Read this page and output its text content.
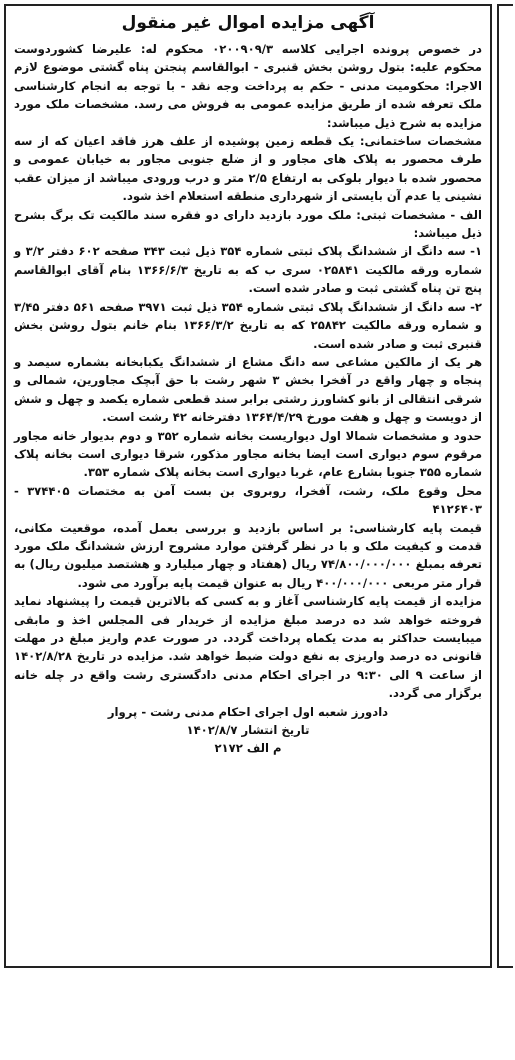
آگهی مزایده اموال غیر منقول

در خصوص پرونده اجرایی کلاسه ۰۲۰۰۹۰۹/۳ محکوم له: علیرضا کشوردوست محکوم علیه: بتول روشن بخش قنبری - ابوالقاسم پنجتن پناه گشتی موضوع لازم الاجرا: محکومیت مدنی - حکم به پرداخت وجه نقد - با توجه به انجام کارشناسی ملک تعرفه شده از طریق مزایده عمومی به فروش می رسد. مشخصات ملک مورد مزایده به شرح ذیل میباشد:

مشخصات ساختمانی: یک قطعه زمین پوشیده از علف هرز فاقد اعیان که از سه طرف محصور به پلاک های مجاور و از ضلع جنوبی مجاور به خیابان عمومی و محصور شده با دیوار بلوکی به ارتفاع ۲/۵ متر و درب ورودی میباشد از میزان عقب نشینی یا عدم آن بایستی از شهرداری منطقه استعلام اخذ شود.

الف - مشخصات ثبتی: ملک مورد بازدید دارای دو فقره سند مالکیت تک برگ بشرح ذیل میباشد:

۱- سه دانگ از ششدانگ پلاک ثبتی شماره ۳۵۴ ذیل ثبت ۳۴۳ صفحه ۶۰۲ دفتر ۳/۲ و شماره ورقه مالکیت ۰۲۵۸۴۱ سری ب که به تاریخ ۱۳۶۶/۶/۳ بنام آقای ابوالقاسم پنج تن پناه گشتی ثبت و صادر شده است.

۲- سه دانگ از ششدانگ پلاک ثبتی شماره ۳۵۴ ذیل ثبت ۳۹۷۱ صفحه ۵۶۱ دفتر ۳/۴۵ و شماره ورقه مالکیت ۲۵۸۴۲ که به تاریخ ۱۳۶۶/۳/۲ بنام خانم بتول روشن بخش قنبری ثبت و صادر شده است.

هر یک از مالکین مشاعی سه دانگ مشاع از ششدانگ یکبابخانه بشماره سیصد و پنجاه و چهار واقع در آفخرا بخش ۳ شهر رشت با حق آبچک مجاورین، شمالی و شرقی انتقالی از بانو کشاورز رشتی برابر سند قطعی شماره یکصد و چهل و شش از دویست و چهل و هفت مورخ ۱۳۶۴/۴/۲۹ دفترخانه ۴۲ رشت است.

حدود و مشخصات شمالا اول دیواریست بخانه شماره ۳۵۲ و دوم بدیوار خانه مجاور مرقوم سوم دیواری است ایضا بخانه مجاور مذکور، شرقا دیواری است بخانه پلاک شماره ۳۵۵ جنوبا بشارع عام، غربا دیواری است بخانه پلاک شماره ۳۵۳.

محل وقوع ملک، رشت، آفخرا، روبروی بن بست آمن به مختصات ۳۷۴۴۰۵ - ۴۱۲۶۴۰۳

قیمت پایه کارشناسی: بر اساس بازدید و بررسی بعمل آمده، موقعیت مکانی، قدمت و کیفیت ملک و با در نظر گرفتن موارد مشروح ارزش ششدانگ ملک مورد تعرفه بمبلغ ۷۴/۸۰۰/۰۰۰/۰۰۰ ریال (هفتاد و چهار میلیارد و هشتصد میلیون ریال) به قرار متر مربعی ۴۰۰/۰۰۰/۰۰۰ ریال به عنوان قیمت پایه برآورد می شود.

مزایده از قیمت پایه کارشناسی آغاز و به کسی که بالاترین قیمت را پیشنهاد نماید فروخته خواهد شد ده درصد مبلغ مزایده از خریدار فی المجلس اخذ و مابقی میبایست حداکثر به مدت یکماه پرداخت گردد. در صورت عدم واریز مبلغ در مهلت قانونی ده درصد واریزی به نفع دولت ضبط خواهد شد. مزایده در تاریخ ۱۴۰۲/۸/۲۸ از ساعت ۹ الی ۹:۳۰ در اجرای احکام مدنی دادگستری رشت واقع در چله خانه برگزار می گردد.

دادورز شعبه اول اجرای احکام مدنی رشت - پروار

تاریخ انتشار ۱۴۰۲/۸/۷

م الف ۲۱۷۲
